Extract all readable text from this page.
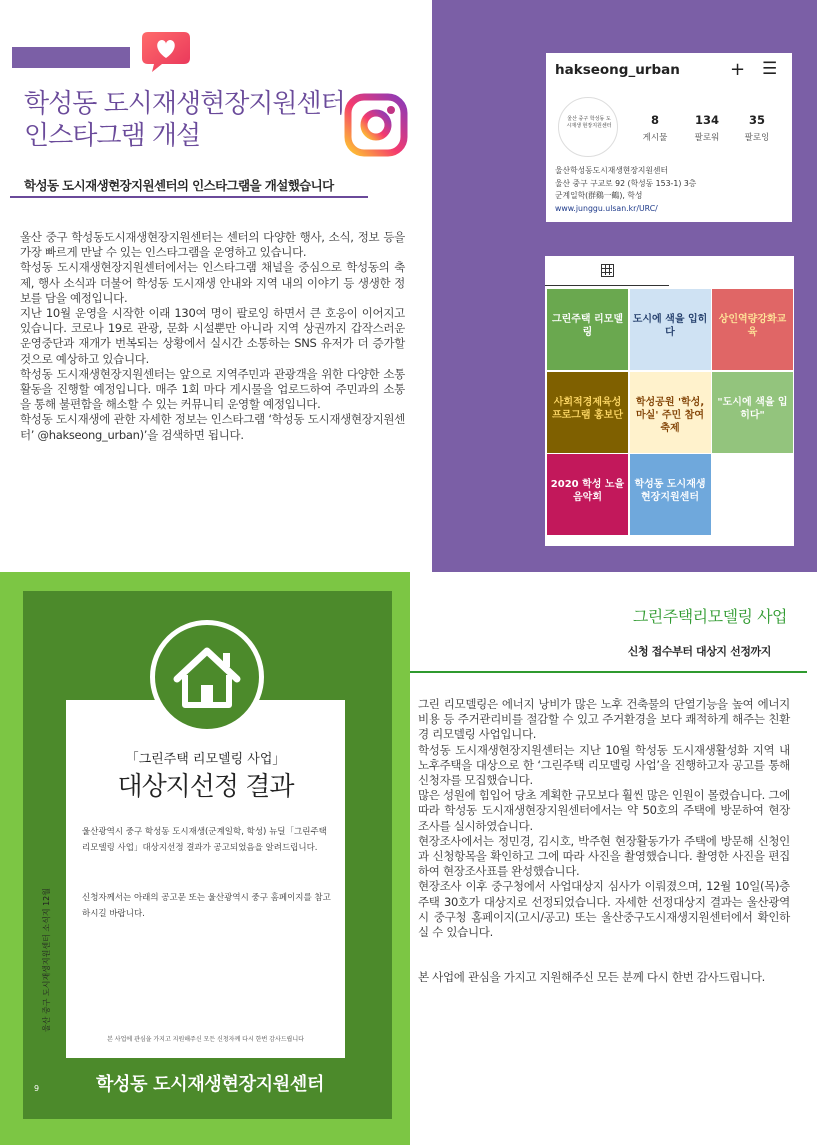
학성동 도시재생현장지원센터
인스타그램 개설
학성동 도시재생현장지원센터의 인스타그램을 개설했습니다

울산 중구 학성동도시재생현장지원센터는 센터의 다양한 행사, 소식, 정보 등을 가장 빠르게 만날 수 있는 인스타그램을 운영하고 있습니다.

학성동 도시재생현장지원센터에서는 인스타그램 채널을 중심으로 학성동의 축제, 행사 소식과 더불어 학성동 도시재생 안내와 지역 내의 이야기 등 생생한 정보를 담을 예정입니다.

지난 10월 운영을 시작한 이래 130여 명이 팔로잉 하면서 큰 호응이 이어지고 있습니다. 코로나 19로 관광, 문화 시설뿐만 아니라 지역 상권까지 갑작스러운 운영중단과 재개가 번복되는 상황에서 실시간 소통하는 SNS 유저가 더 증가할 것으로 예상하고 있습니다.

학성동 도시재생현장지원센터는 앞으로 지역주민과 관광객을 위한 다양한 소통활동을 진행할 예정입니다. 매주 1회 마다 게시물을 업로드하여 주민과의 소통을 통해 불편함을 해소할 수 있는 커뮤니티 운영할 예정입니다.

학성동 도시재생에 관한 자세한 정보는 인스타그램 ‘학성동 도시재생현장지원센터’ @hakseong_urban)’을 검색하면 됩니다.

hakseong_urban	+ ☰
울산 중구 학성동 도시재생 현장지원센터	8
게시물
134
팔로워
35
팔로잉
울산학성동도시재생현장지원센터
울산 중구 구교로 92 (학성동 153-1) 3층
군계일학(群鷄一鶴), 학성
www.junggu.ulsan.kr/URC/
그린주택 리모델링
도시에 색을 입히다
상인역량강화교육
사회적경제육성 프로그램 홍보단
학성공원 '학성, 마실' 주민 참여 축제
"도시에 색을 입히다"
2020 학성 노을 음악회
학성동 도시재생 현장지원센터
「그린주택 리모델링 사업」
대상지선정 결과
울산광역시 중구 학성동 도시재생(군계일학, 학성) 뉴딜「그린주택 리모델링 사업」대상지선정 결과가 공고되었음을 알려드립니다.
신청자께서는 아래의 공고문 또는 울산광역시 중구 홈페이지를 참고하시길 바랍니다.
본 사업에 관심을 가지고 지원해주신 모든 신청자께 다시 한번 감사드립니다
울산 중구 도시재생지원센터 소식지 12월
9	학성동 도시재생현장지원센터
그린주택리모델링 사업
신청 접수부터 대상지 선정까지

그린 리모델링은 에너지 낭비가 많은 노후 건축물의 단열기능을 높여 에너지 비용 등 주거관리비를 절감할 수 있고 주거환경을 보다 쾌적하게 해주는 친환경 리모델링 사업입니다.

학성동 도시재생현장지원센터는 지난 10월 학성동 도시재생활성화 지역 내 노후주택을 대상으로 한 ‘그린주택 리모델링 사업’을 진행하고자 공고를 통해 신청자를 모집했습니다.

많은 성원에 힘입어 당초 계획한 규모보다 훨씬 많은 인원이 몰렸습니다. 그에 따라 학성동 도시재생현장지원센터에서는 약 50호의 주택에 방문하여 현장조사를 실시하였습니다.

현장조사에서는 정민경, 김시호, 박주현 현장활동가가 주택에 방문해 신청인과 신청항목을 확인하고 그에 따라 사진을 촬영했습니다. 촬영한 사진을 편집하여 현장조사표를 완성했습니다.

현장조사 이후 중구청에서 사업대상지 심사가 이뤄졌으며, 12월 10일(목)층 주택 30호가 대상지로 선정되었습니다. 자세한 선정대상지 결과는 울산광역시 중구청 홈페이지(고시/공고) 또는 울산중구도시재생지원센터에서 확인하실 수 있습니다.

본 사업에 관심을 가지고 지원해주신 모든 분께 다시 한번 감사드립니다.
